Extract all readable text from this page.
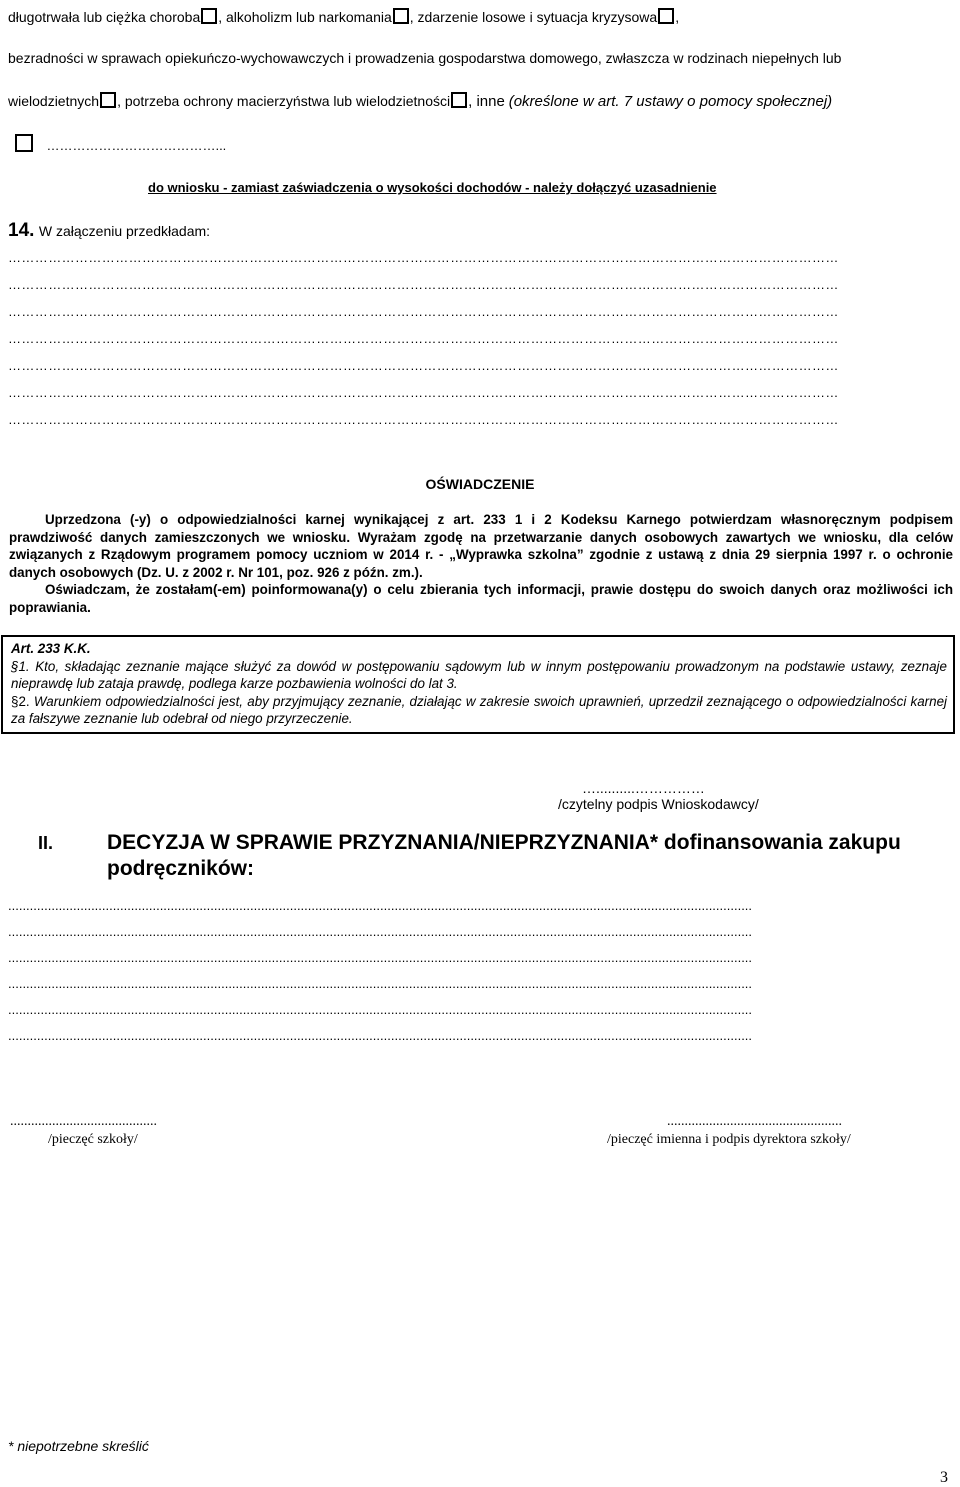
długotrwała lub ciężka choroba , alkoholizm lub narkomania , zdarzenie losowe i sytuacja kryzysowa ,
bezradności w sprawach opiekuńczo-wychowawczych i prowadzenia gospodarstwa domowego, zwłaszcza w rodzinach niepełnych lub
wielodzietnych , potrzeba ochrony macierzyństwa lub wielodzietności , inne (określone w art. 7 ustawy o pomocy społecznej)
…………………………………...
do wniosku - zamiast zaświadczenia o wysokości dochodów - należy dołączyć uzasadnienie
14. W załączeniu przedkładam:
……………………………………………………………………………………………………………………………………………………………………
……………………………………………………………………………………………………………………………………………………………………
……………………………………………………………………………………………………………………………………………………………………
……………………………………………………………………………………………………………………………………………………………………
……………………………………………………………………………………………………………………………………………………………………
……………………………………………………………………………………………………………………………………………………………………
……………………………………………………………………………………………………………………………………………………………………
OŚWIADCZENIE

Uprzedzona (-y) o odpowiedzialności karnej wynikającej z art. 233 1 i 2 Kodeksu Karnego potwierdzam własnoręcznym podpisem prawdziwość danych zamieszczonych we wniosku. Wyrażam zgodę na przetwarzanie danych osobowych zawartych we wniosku, dla celów związanych z Rządowym programem pomocy uczniom w 2014 r. - „Wyprawka szkolna” zgodnie z ustawą z dnia 29 sierpnia 1997 r. o ochronie danych osobowych (Dz. U. z 2002 r. Nr 101, poz. 926 z późn. zm.).

Oświadczam, że zostałam(-em) poinformowana(y) o celu zbierania tych informacji, prawie dostępu do swoich danych oraz możliwości ich poprawiania.

Art. 233 K.K.

§1. Kto, składając zeznanie mające służyć za dowód w postępowaniu sądowym lub w innym postępowaniu prowadzonym na podstawie ustawy, zeznaje nieprawdę lub zataja prawdę, podlega karze pozbawienia wolności do lat 3.

§2. Warunkiem odpowiedzialności jest, aby przyjmujący zeznanie, działając w zakresie swoich uprawnień, uprzedził zeznającego o odpowiedzialności karnej za fałszywe zeznanie lub odebrał od niego przyrzeczenie.

…..........……………
/czytelny podpis Wnioskodawcy/
II.	DECYZJA W SPRAWIE PRZYZNANIA/NIEPRZYZNANIA* dofinansowania zakupu
podręczników:
..............................................................................................................................................................................................................
..............................................................................................................................................................................................................
..............................................................................................................................................................................................................
..............................................................................................................................................................................................................
..............................................................................................................................................................................................................
..............................................................................................................................................................................................................
..........................................
/pieczęć szkoły/
..................................................
/pieczęć imienna i podpis dyrektora szkoły/
* niepotrzebne skreślić
3
